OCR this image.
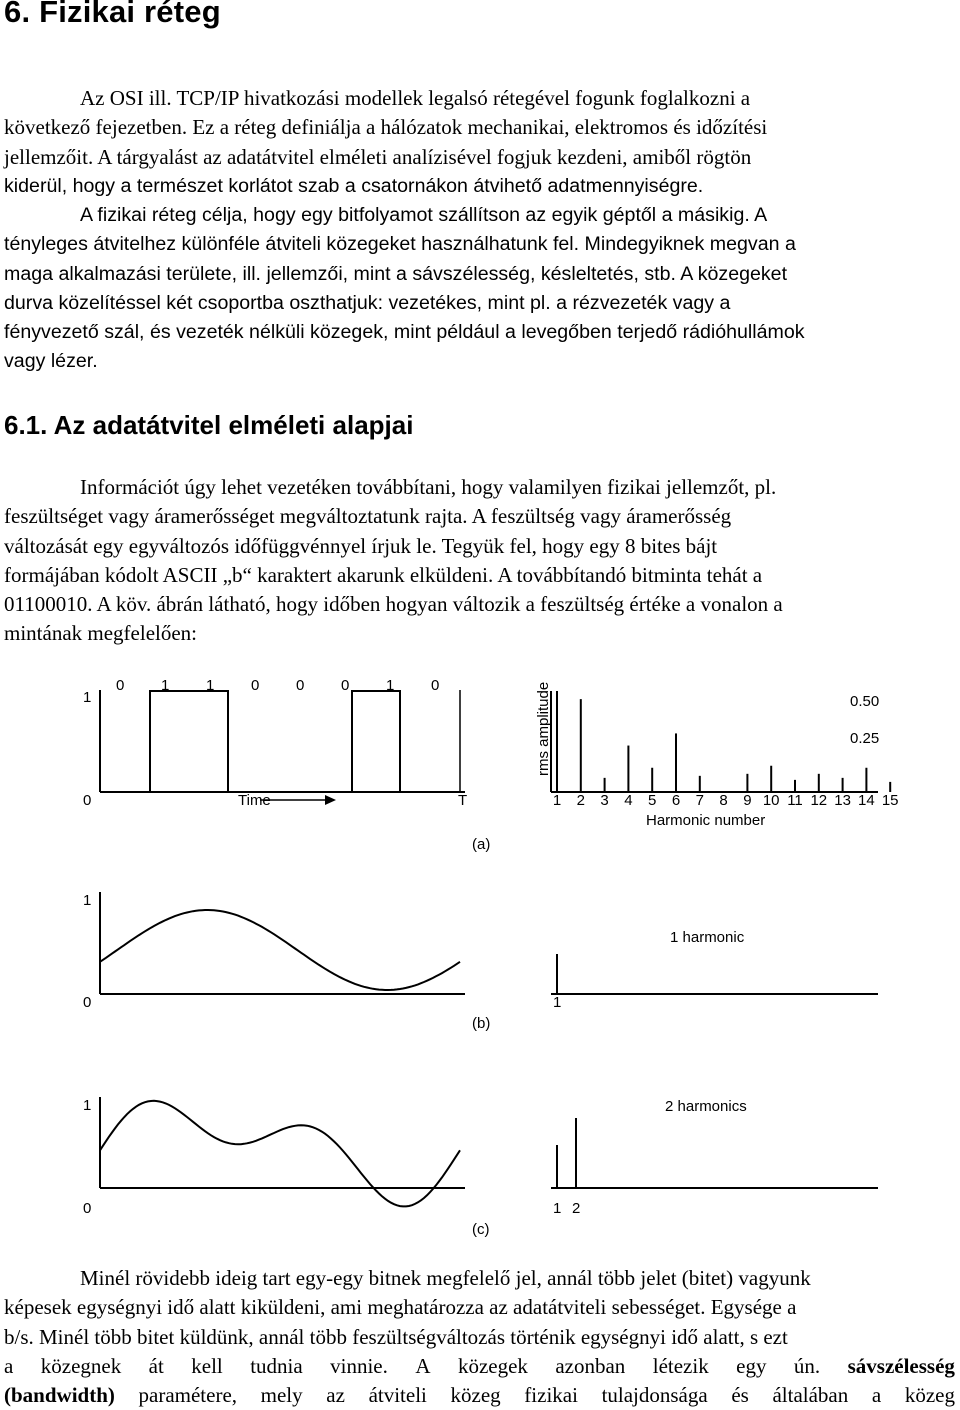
6. Fizikai réteg
Az OSI ill. TCP/IP hivatkozási modellek legalsó rétegével fogunk foglalkozni a
következő fejezetben. Ez a réteg definiálja a hálózatok mechanikai, elektromos és időzítési
jellemzőit. A tárgyalást az adatátvitel elméleti analízisével fogjuk kezdeni, amiből rögtön
kiderül, hogy a természet korlátot szab a csatornákon átvihető adatmennyiségre.
A fizikai réteg célja, hogy egy bitfolyamot szállítson az egyik géptől a másikig. A
tényleges átvitelhez különféle átviteli közegeket használhatunk fel. Mindegyiknek megvan a
maga alkalmazási területe, ill. jellemzői, mint a sávszélesség, késleltetés, stb. A közegeket
durva közelítéssel két csoportba oszthatjuk: vezetékes, mint pl. a rézvezeték vagy a
fényvezető szál, és vezeték nélküli közegek, mint például a levegőben terjedő rádióhullámok
vagy lézer.
6.1. Az adatátvitel elméleti alapjai
Információt úgy lehet vezetéken továbbítani, hogy valamilyen fizikai jellemzőt, pl.
feszültséget vagy áramerősséget megváltoztatunk rajta. A feszültség vagy áramerősség
változását egy egyváltozós időfüggvénnyel írjuk le. Tegyük fel, hogy egy 8 bites bájt
formájában kódolt ASCII „b“ karaktert akarunk elküldeni. A továbbítandó bitminta tehát a
01100010. A köv. ábrán látható, hogy időben hogyan változik a feszültség értéke a vonalon a
mintának megfelelően:
1
0
0 1 1 0 0 0 1 0
Time	T
rms amplitude	0.50
0.25
1 2 3 4 5 6 7 8 9 10 11 12 13 14 15
Harmonic number
(a)
1
0	1
1 harmonic
(b)
1
0	1 2
2 harmonics
(c)
Minél rövidebb ideig tart egy-egy bitnek megfelelő jel, annál több jelet (bitet) vagyunk
képesek egységnyi idő alatt kiküldeni, ami meghatározza az adatátviteli sebességet. Egysége a
b/s. Minél több bitet küldünk, annál több feszültségváltozás történik egységnyi idő alatt, s ezt
a közegnek át kell tudnia vinnie. A közegek azonban létezik egy ún. sávszélesség
(bandwidth) paramétere, mely az átviteli közeg fizikai tulajdonsága és általában a közeg
